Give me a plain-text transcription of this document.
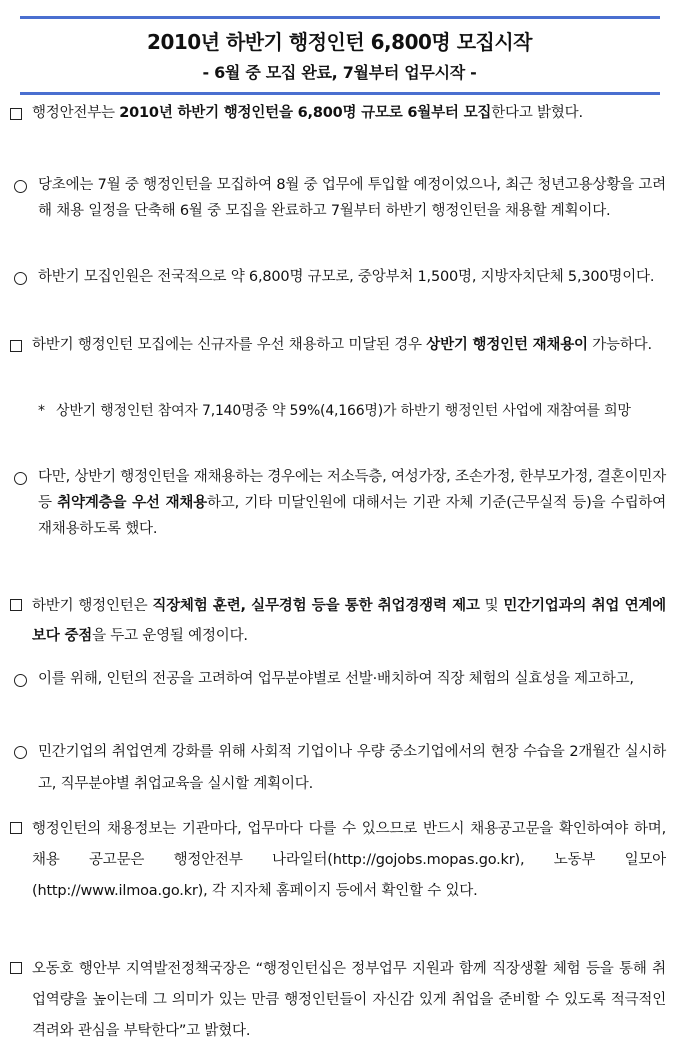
2010년 하반기 행정인턴 6,800명 모집시작
- 6월 중 모집 완료, 7월부터 업무시작 -
행정안전부는 2010년 하반기 행정인턴을 6,800명 규모로 6월부터 모집한다고 밝혔다.
당초에는 7월 중 행정인턴을 모집하여 8월 중 업무에 투입할 예정이었으나, 최근 청년고용상황을 고려해 채용 일정을 단축해 6월 중 모집을 완료하고 7월부터 하반기 행정인턴을 채용할 계획이다.
하반기 모집인원은 전국적으로 약 6,800명 규모로, 중앙부처 1,500명, 지방자치단체 5,300명이다.
하반기 행정인턴 모집에는 신규자를 우선 채용하고 미달된 경우 상반기 행정인턴 재채용이 가능하다.
* 상반기 행정인턴 참여자 7,140명중 약 59%(4,166명)가 하반기 행정인턴 사업에 재참여를 희망
다만, 상반기 행정인턴을 재채용하는 경우에는 저소득층, 여성가장, 조손가정, 한부모가정, 결혼이민자 등 취약계층을 우선 재채용하고, 기타 미달인원에 대해서는 기관 자체 기준(근무실적 등)을 수립하여 재채용하도록 했다.
하반기 행정인턴은 직장체험 훈련, 실무경험 등을 통한 취업경쟁력 제고 및 민간기업과의 취업 연계에 보다 중점을 두고 운영될 예정이다.
이를 위해, 인턴의 전공을 고려하여 업무분야별로 선발·배치하여 직장 체험의 실효성을 제고하고,
민간기업의 취업연계 강화를 위해 사회적 기업이나 우량 중소기업에서의 현장 수습을 2개월간 실시하고, 직무분야별 취업교육을 실시할 계획이다.
행정인턴의 채용정보는 기관마다, 업무마다 다를 수 있으므로 반드시 채용공고문을 확인하여야 하며, 채용 공고문은 행정안전부 나라일터(http://gojobs.mopas.go.kr), 노동부 일모아(http://www.ilmoa.go.kr), 각 지자체 홈페이지 등에서 확인할 수 있다.
오동호 행안부 지역발전정책국장은 “행정인턴십은 정부업무 지원과 함께 직장생활 체험 등을 통해 취업역량을 높이는데 그 의미가 있는 만큼 행정인턴들이 자신감 있게 취업을 준비할 수 있도록 적극적인 격려와 관심을 부탁한다”고 밝혔다.
